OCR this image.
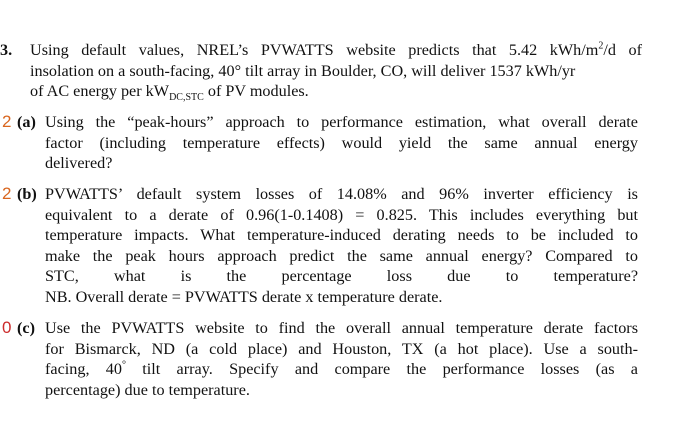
3. Using default values, NREL’s PVWATTS website predicts that 5.42 kWh/$m^2/d$ of
insolation on a south-facing, 40° tilt array in Boulder, CO, will deliver 1537 kWh/yr
of AC energy per $kW_{DC,STC}$ of PV modules.
2 (a) Using the “peak-hours” approach to performance estimation, what overall derate
factor (including temperature effects) would yield the same annual energy
delivered?
2 (b) PVWATTS’ default system losses of 14.08% and 96% inverter efficiency is
equivalent to a derate of 0.96(1-0.1408) = 0.825. This includes everything but
temperature impacts. What temperature-induced derating needs to be included to
make the peak hours approach predict the same annual energy? Compared to
STC, what is the percentage loss due to temperature?
NB. Overall derate = PVWATTS derate x temperature derate.
0 (c) Use the PVWATTS website to find the overall annual temperature derate factors
for Bismarck, ND (a cold place) and Houston, TX (a hot place). Use a south-
facing, 40° tilt array. Specify and compare the performance losses (as a
percentage) due to temperature.
